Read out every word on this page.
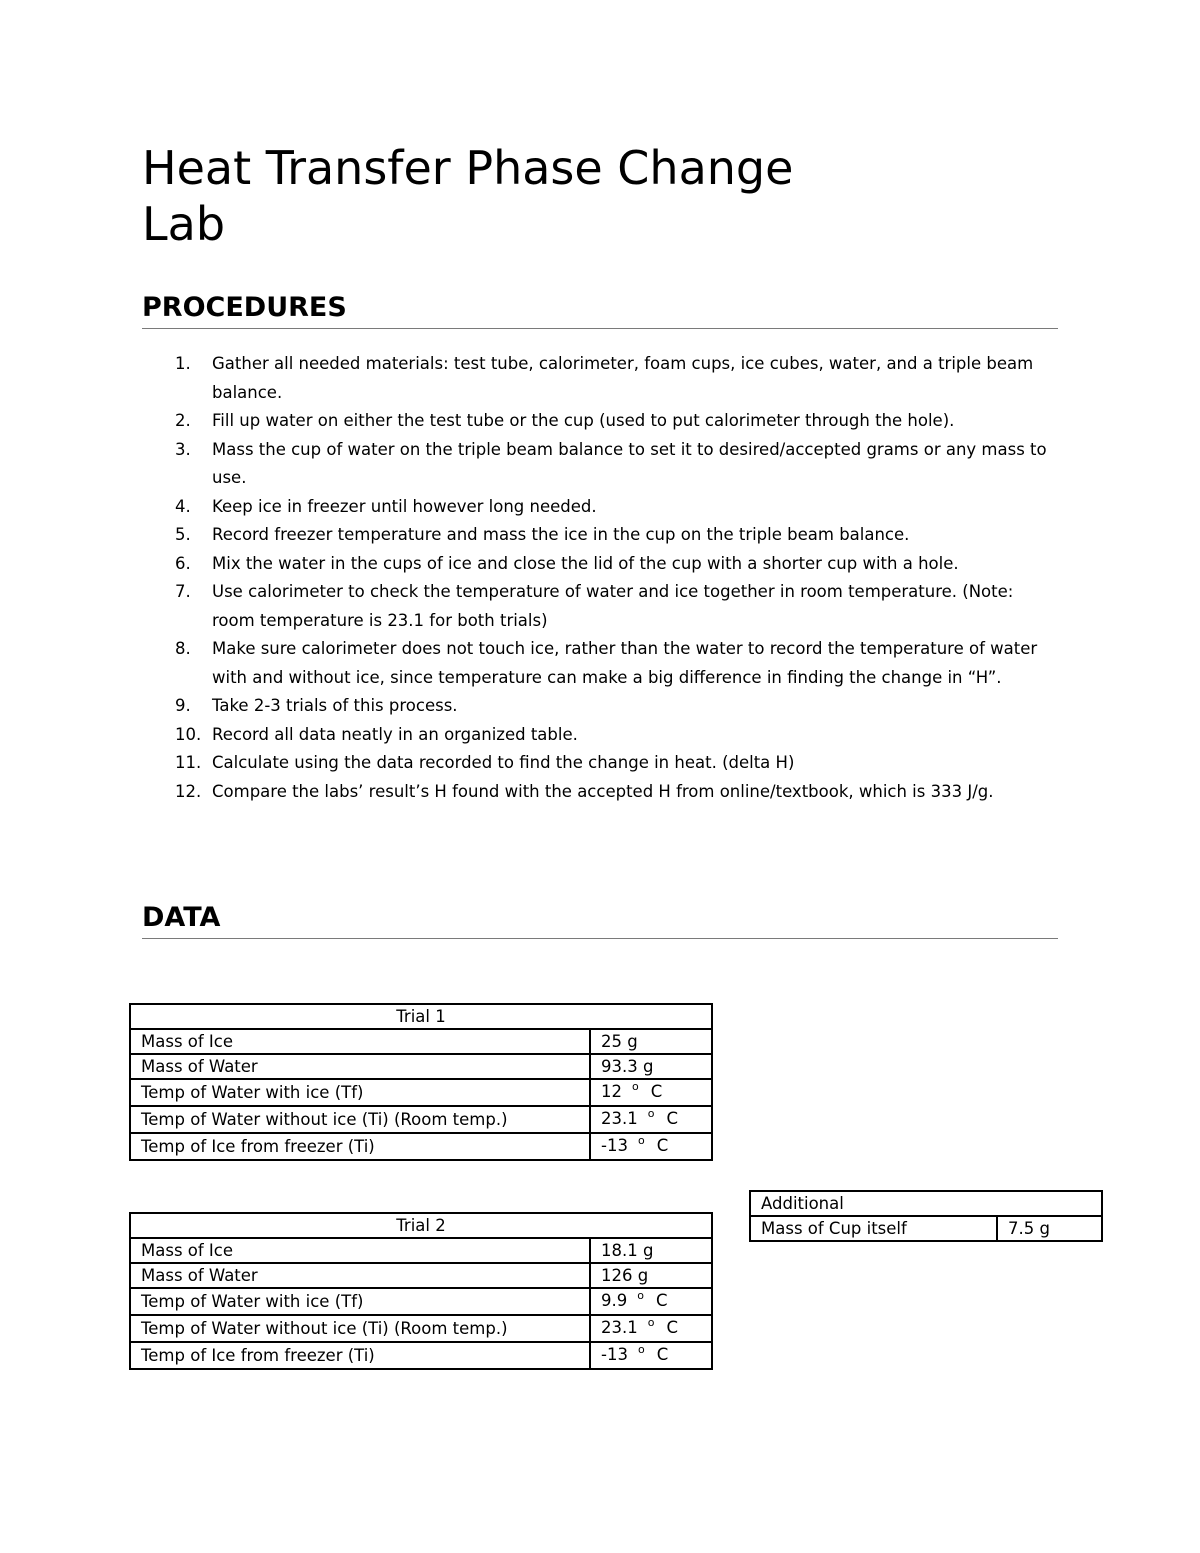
Heat Transfer Phase Change
Lab
PROCEDURES
1.	Gather all needed materials: test tube, calorimeter, foam cups, ice cubes, water, and a triple beam balance.
2.	Fill up water on either the test tube or the cup (used to put calorimeter through the hole).
3.	Mass the cup of water on the triple beam balance to set it to desired/accepted grams or any mass to use.
4.	Keep ice in freezer until however long needed.
5.	Record freezer temperature and mass the ice in the cup on the triple beam balance.
6.	Mix the water in the cups of ice and close the lid of the cup with a shorter cup with a hole.
7.	Use calorimeter to check the temperature of water and ice together in room temperature. (Note: room temperature is 23.1 for both trials)
8.	Make sure calorimeter does not touch ice, rather than the water to record the temperature of water with and without ice, since temperature can make a big difference in finding the change in “H”.
9.	Take 2-3 trials of this process.
10. Record all data neatly in an organized table.
11. Calculate using the data recorded to find the change in heat. (delta H)
12. Compare the labs’ result’s H found with the accepted H from online/textbook, which is 333 J/g.
DATA
Trial 1	
Mass of Ice	25 g
Mass of Water	93.3 g
Temp of Water with ice (Tf)	12 $^o$ C
Temp of Water without ice (Ti) (Room temp.)	23.1 $^o$ C
Temp of Ice from freezer (Ti)	-13 $^o$ C
Additional
Mass of Cup itself	7.5 g
Trial 2	
Mass of Ice	18.1 g
Mass of Water	126 g
Temp of Water with ice (Tf)	9.9 $^o$ C
Temp of Water without ice (Ti) (Room temp.)	23.1 $^o$ C
Temp of Ice from freezer (Ti)	-13 $^o$ C
